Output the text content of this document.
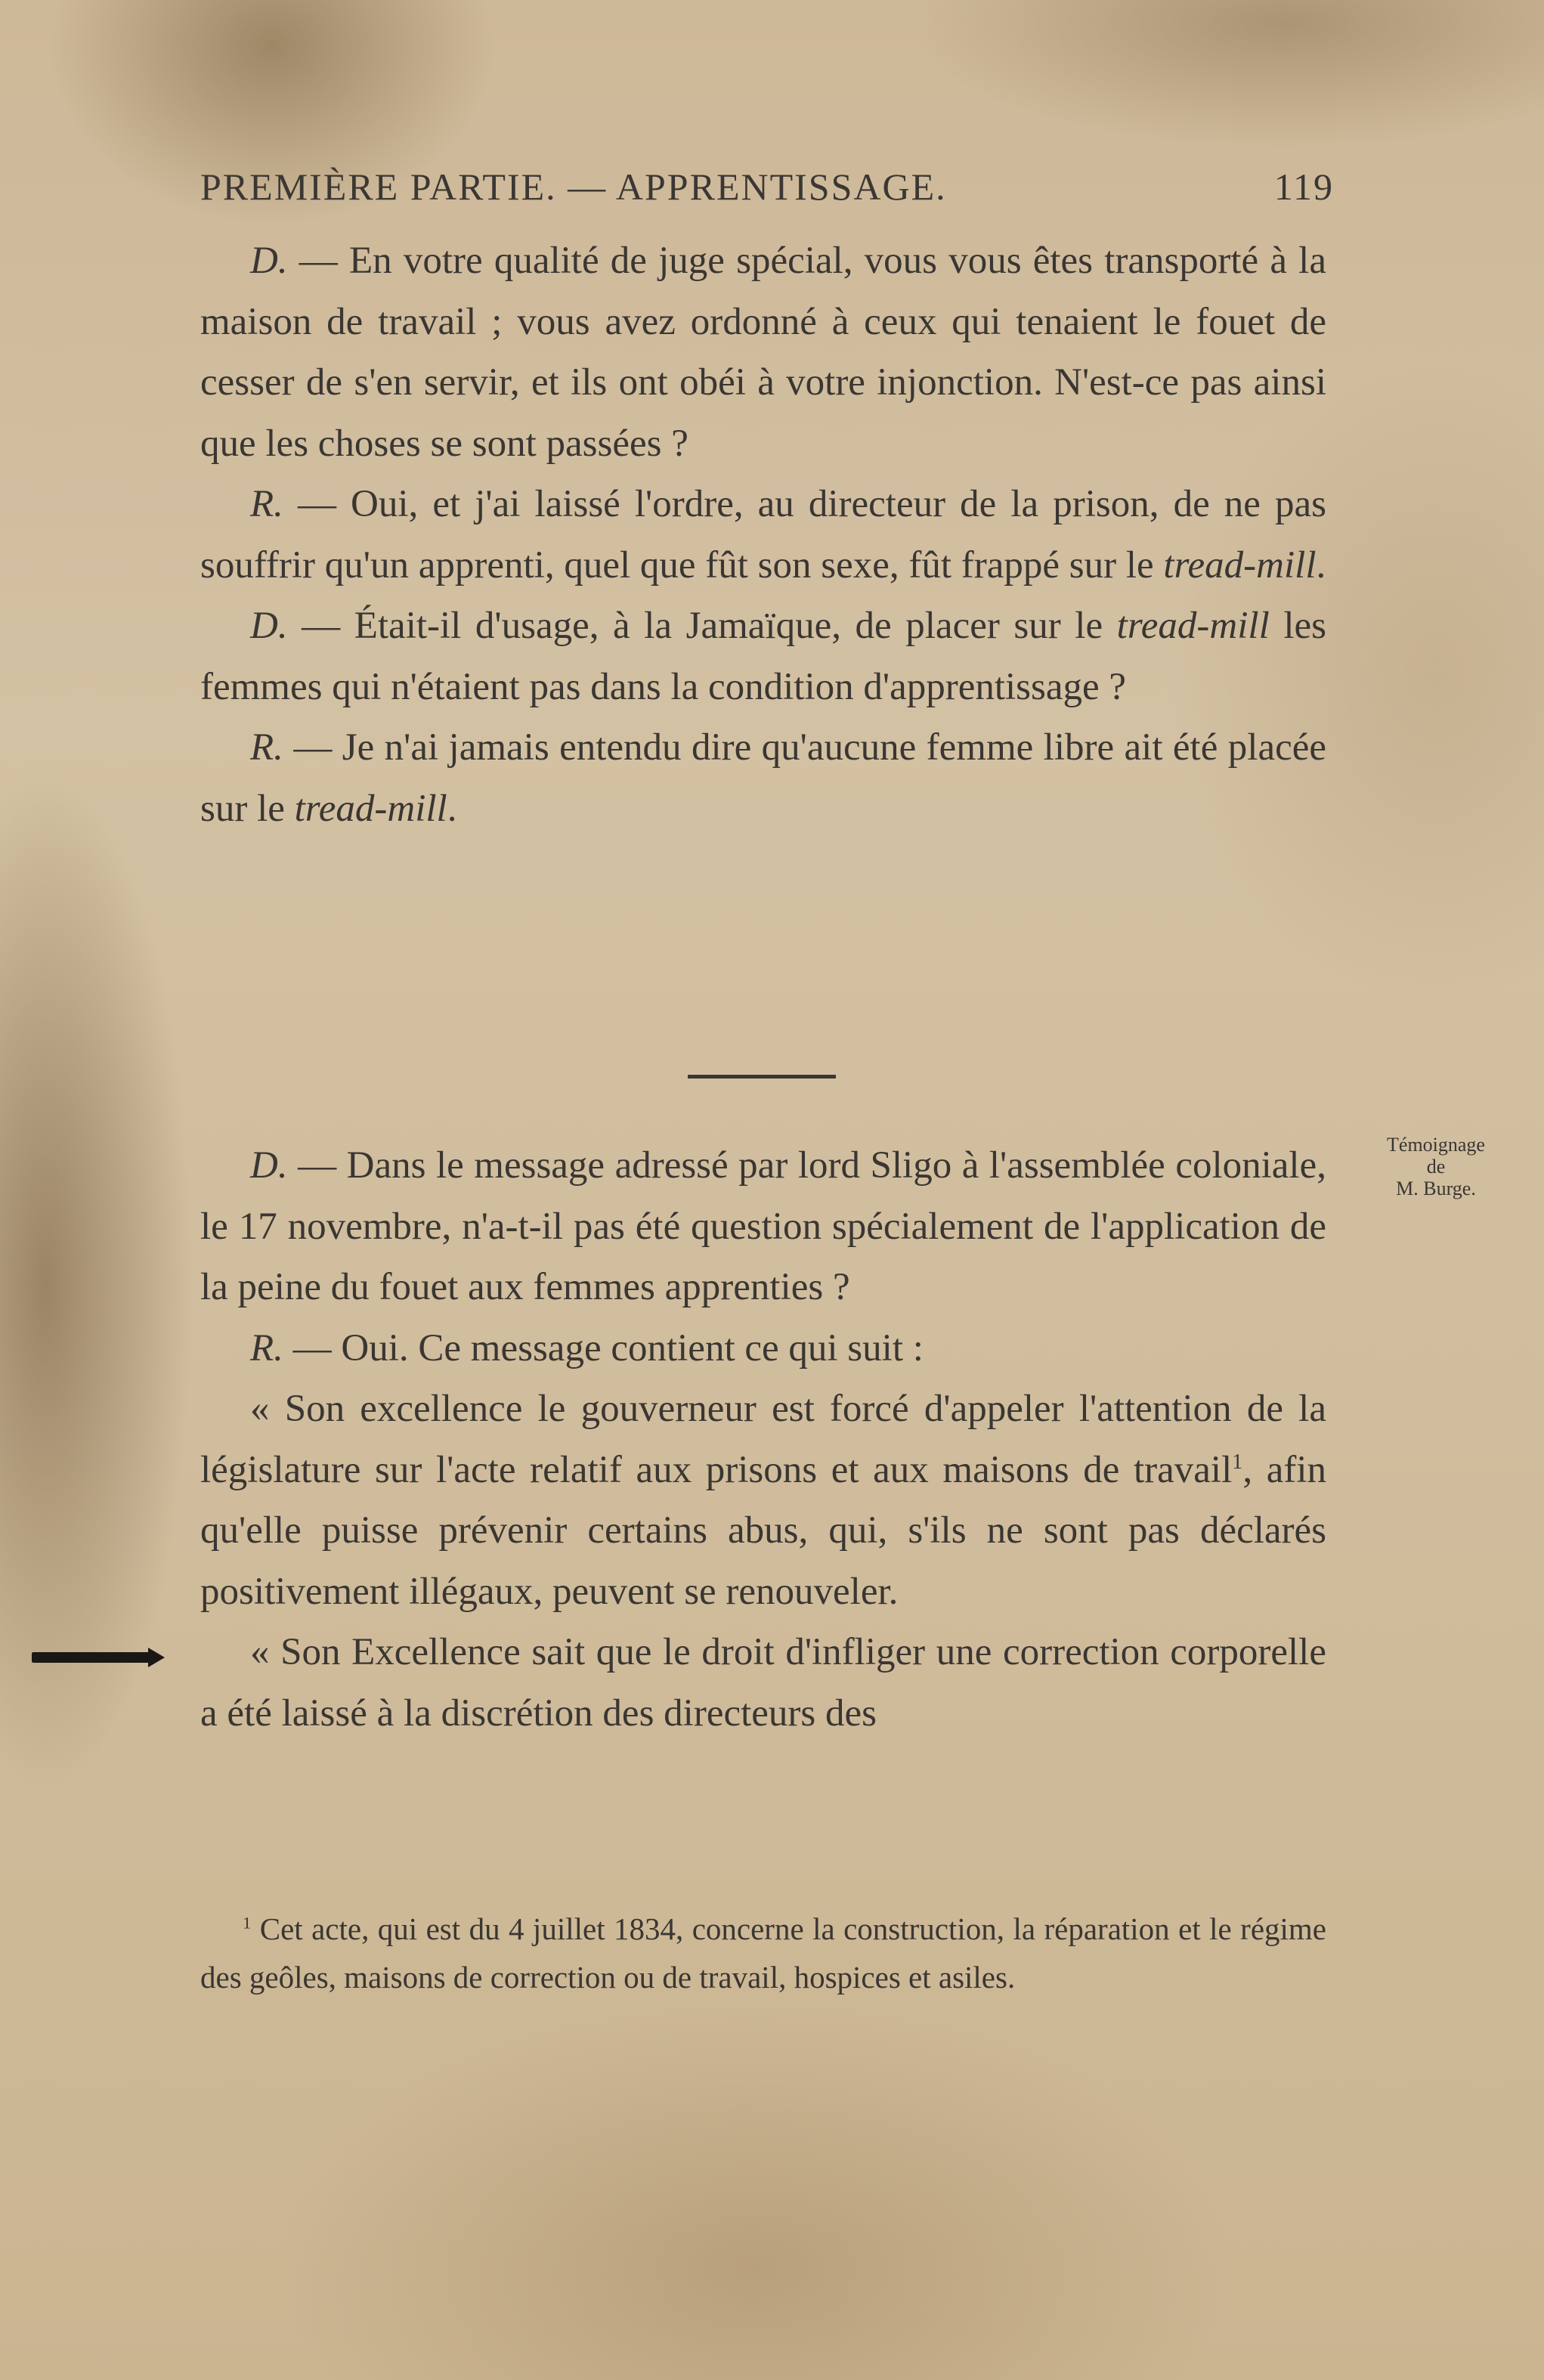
PREMIÈRE PARTIE. — APPRENTISSAGE.	119

D. — En votre qualité de juge spécial, vous vous êtes transporté à la maison de travail ; vous avez ordonné à ceux qui tenaient le fouet de cesser de s'en servir, et ils ont obéi à votre injonction. N'est-ce pas ainsi que les choses se sont passées ?

R. — Oui, et j'ai laissé l'ordre, au directeur de la prison, de ne pas souffrir qu'un apprenti, quel que fût son sexe, fût frappé sur le tread-mill.

D. — Était-il d'usage, à la Jamaïque, de placer sur le tread-mill les femmes qui n'étaient pas dans la condition d'apprentissage ?

R. — Je n'ai jamais entendu dire qu'aucune femme libre ait été placée sur le tread-mill.

Témoignage
de
M. Burge.

D. — Dans le message adressé par lord Sligo à l'assemblée coloniale, le 17 novembre, n'a-t-il pas été question spécialement de l'application de la peine du fouet aux femmes apprenties ?

R. — Oui. Ce message contient ce qui suit :

« Son excellence le gouverneur est forcé d'appeler l'attention de la législature sur l'acte relatif aux prisons et aux maisons de travail$^1$, afin qu'elle puisse prévenir certains abus, qui, s'ils ne sont pas déclarés positivement illégaux, peuvent se renouveler.

« Son Excellence sait que le droit d'infliger une correction corporelle a été laissé à la discrétion des directeurs des

$^1$ Cet acte, qui est du 4 juillet 1834, concerne la construction, la réparation et le régime des geôles, maisons de correction ou de travail, hospices et asiles.
